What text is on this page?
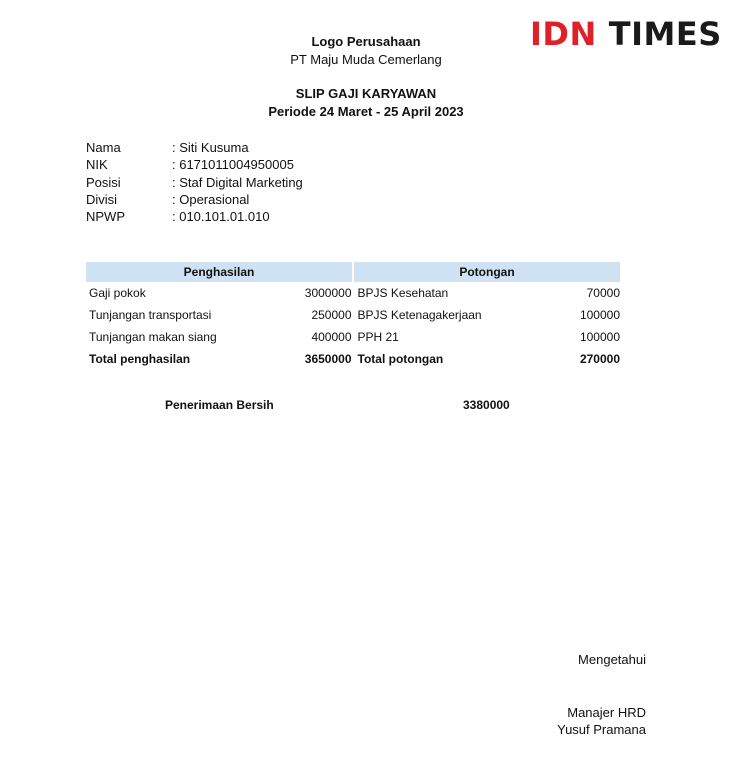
IDN TIMES
Logo Perusahaan
PT Maju Muda Cemerlang
SLIP GAJI KARYAWAN
Periode 24 Maret - 25 April 2023
Nama	: Siti Kusuma
NIK	: 6171011004950005
Posisi	: Staf Digital Marketing
Divisi	: Operasional
NPWP	: 010.101.01.010
Penghasilan	Potongan
Gaji pokok	3000000 BPJS Kesehatan	70000
Tunjangan transportasi	250000 BPJS Ketenagakerjaan	100000
Tunjangan makan siang	400000 PPH 21	100000
Total penghasilan	3650000 Total potongan	270000
Penerimaan Bersih	3380000
Mengetahui
Manajer HRD
Yusuf Pramana
